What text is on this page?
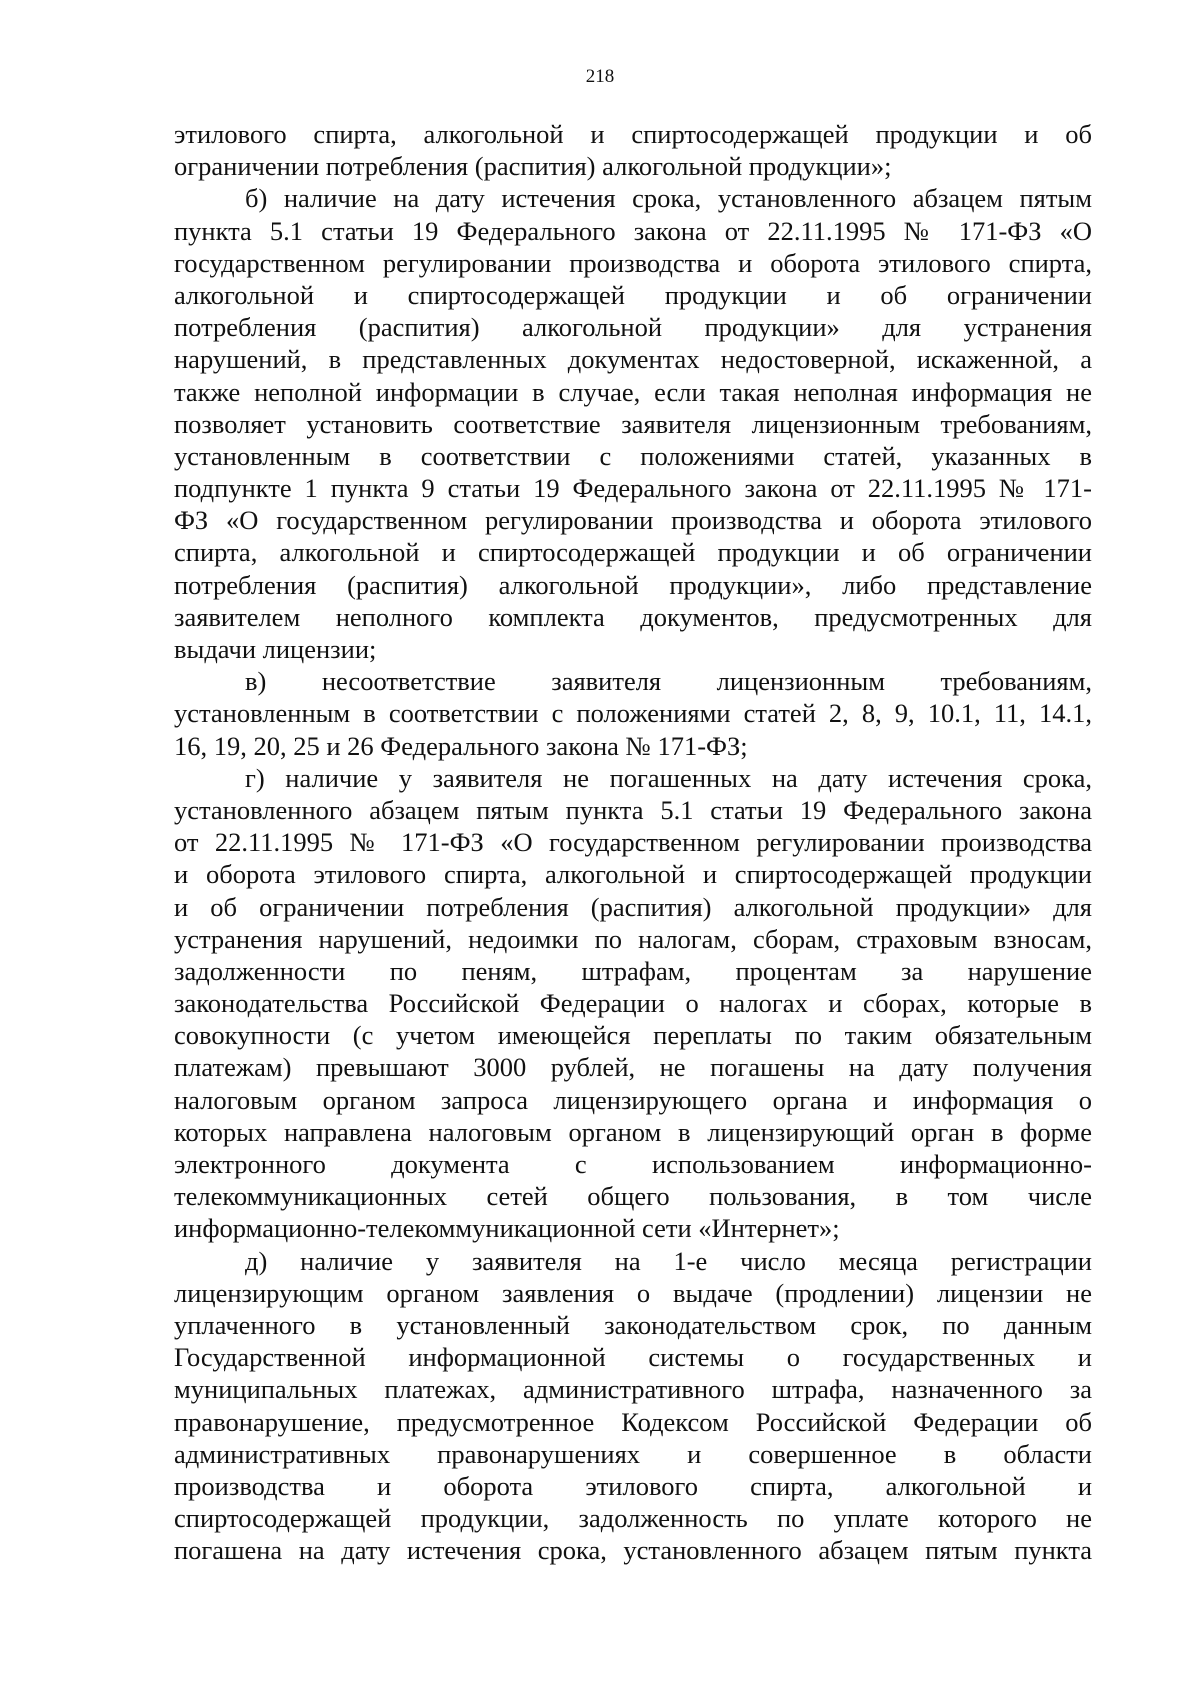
218
этилового спирта, алкогольной и спиртосодержащей продукции и об
ограничении потребления (распития) алкогольной продукции»;
б) наличие на дату истечения срока, установленного абзацем пятым
пункта 5.1 статьи 19 Федерального закона от 22.11.1995 № 171-ФЗ «О
государственном регулировании производства и оборота этилового спирта,
алкогольной и спиртосодержащей продукции и об ограничении
потребления (распития) алкогольной продукции» для устранения
нарушений, в представленных документах недостоверной, искаженной, а
также неполной информации в случае, если такая неполная информация не
позволяет установить соответствие заявителя лицензионным требованиям,
установленным в соответствии с положениями статей, указанных в
подпункте 1 пункта 9 статьи 19 Федерального закона от 22.11.1995 № 171-
ФЗ «О государственном регулировании производства и оборота этилового
спирта, алкогольной и спиртосодержащей продукции и об ограничении
потребления (распития) алкогольной продукции», либо представление
заявителем неполного комплекта документов, предусмотренных для
выдачи лицензии;
в) несоответствие заявителя лицензионным требованиям,
установленным в соответствии с положениями статей 2, 8, 9, 10.1, 11, 14.1,
16, 19, 20, 25 и 26 Федерального закона № 171-ФЗ;
г) наличие у заявителя не погашенных на дату истечения срока,
установленного абзацем пятым пункта 5.1 статьи 19 Федерального закона
от 22.11.1995 № 171-ФЗ «О государственном регулировании производства
и оборота этилового спирта, алкогольной и спиртосодержащей продукции
и об ограничении потребления (распития) алкогольной продукции» для
устранения нарушений, недоимки по налогам, сборам, страховым взносам,
задолженности по пеням, штрафам, процентам за нарушение
законодательства Российской Федерации о налогах и сборах, которые в
совокупности (с учетом имеющейся переплаты по таким обязательным
платежам) превышают 3000 рублей, не погашены на дату получения
налоговым органом запроса лицензирующего органа и информация о
которых направлена налоговым органом в лицензирующий орган в форме
электронного документа с использованием информационно-
телекоммуникационных сетей общего пользования, в том числе
информационно-телекоммуникационной сети «Интернет»;
д) наличие у заявителя на 1-е число месяца регистрации
лицензирующим органом заявления о выдаче (продлении) лицензии не
уплаченного в установленный законодательством срок, по данным
Государственной информационной системы о государственных и
муниципальных платежах, административного штрафа, назначенного за
правонарушение, предусмотренное Кодексом Российской Федерации об
административных правонарушениях и совершенное в области
производства и оборота этилового спирта, алкогольной и
спиртосодержащей продукции, задолженность по уплате которого не
погашена на дату истечения срока, установленного абзацем пятым пункта
